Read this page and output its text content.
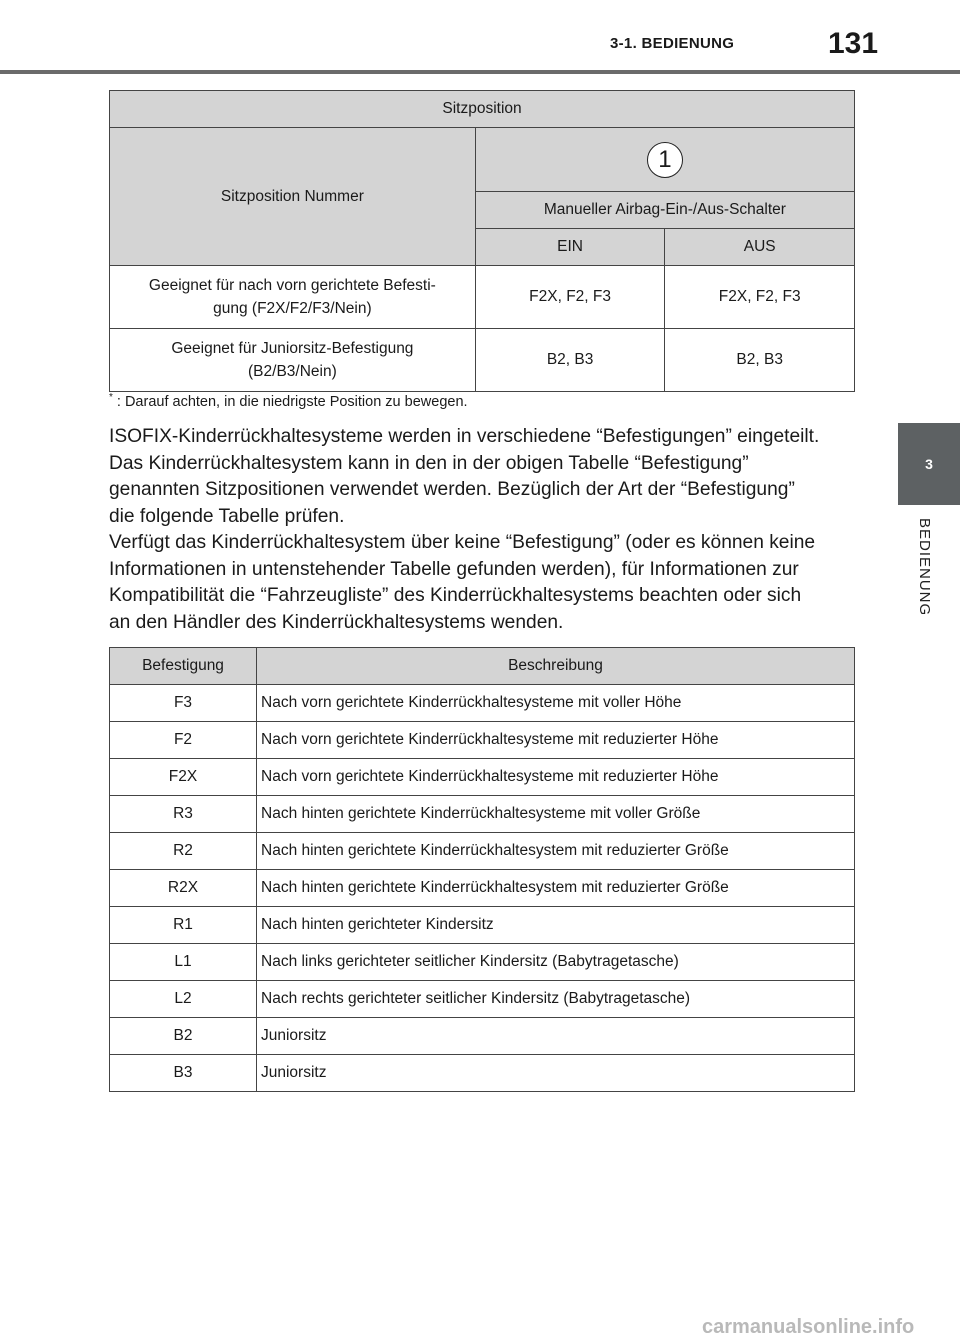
3-1. BEDIENUNG	131
3
BEDIENUNG
Sitzposition		
Sitzposition Nummer	1	
	Manueller Airbag-Ein-/Aus-Schalter	
	EIN	AUS
Geeignet für nach vorn gerichtete Befesti-
gung (F2X/F2/F3/Nein)	F2X, F2, F3	F2X, F2, F3
Geeignet für Juniorsitz-Befestigung
(B2/B3/Nein)	B2, B3	B2, B3
* : Darauf achten, in die niedrigste Position zu bewegen.
ISOFIX-Kinderrückhaltesysteme werden in verschiedene “Befestigungen” eingeteilt.
Das Kinderrückhaltesystem kann in den in der obigen Tabelle “Befestigung”
genannten Sitzpositionen verwendet werden. Bezüglich der Art der “Befestigung”
die folgende Tabelle prüfen.
Verfügt das Kinderrückhaltesystem über keine “Befestigung” (oder es können keine
Informationen in untenstehender Tabelle gefunden werden), für Informationen zur
Kompatibilität die “Fahrzeugliste” des Kinderrückhaltesystems beachten oder sich
an den Händler des Kinderrückhaltesystems wenden.
Befestigung	Beschreibung
F3	Nach vorn gerichtete Kinderrückhaltesysteme mit voller Höhe
F2	Nach vorn gerichtete Kinderrückhaltesysteme mit reduzierter Höhe
F2X	Nach vorn gerichtete Kinderrückhaltesysteme mit reduzierter Höhe
R3	Nach hinten gerichtete Kinderrückhaltesysteme mit voller Größe
R2	Nach hinten gerichtete Kinderrückhaltesystem mit reduzierter Größe
R2X	Nach hinten gerichtete Kinderrückhaltesystem mit reduzierter Größe
R1	Nach hinten gerichteter Kindersitz
L1	Nach links gerichteter seitlicher Kindersitz (Babytragetasche)
L2	Nach rechts gerichteter seitlicher Kindersitz (Babytragetasche)
B2	Juniorsitz
B3	Juniorsitz
carmanualsonline.info
